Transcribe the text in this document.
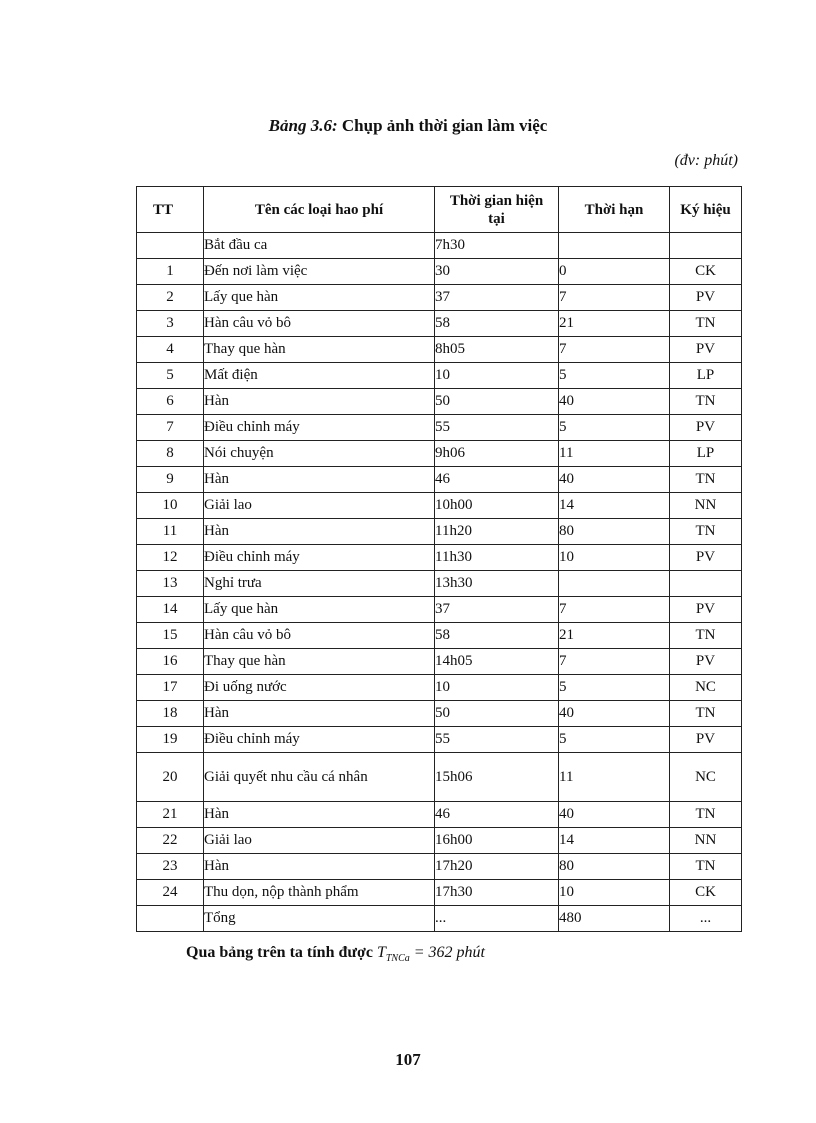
Bảng 3.6: Chụp ảnh thời gian làm việc
(đv: phút)
TT	Tên các loại hao phí	Thời gian hiện tại	Thời hạn	Ký hiệu
	Bắt đầu ca	7h30		
1	Đến nơi làm việc	30	0	CK
2	Lấy que hàn	37	7	PV
3	Hàn câu vỏ bô	58	21	TN
4	Thay que hàn	8h05	7	PV
5	Mất điện	10	5	LP
6	Hàn	50	40	TN
7	Điều chỉnh máy	55	5	PV
8	Nói chuyện	9h06	11	LP
9	Hàn	46	40	TN
10	Giải lao	10h00	14	NN
11	Hàn	11h20	80	TN
12	Điều chỉnh máy	11h30	10	PV
13	Nghỉ trưa	13h30		
14	Lấy que hàn	37	7	PV
15	Hàn câu vỏ bô	58	21	TN
16	Thay que hàn	14h05	7	PV
17	Đi uống nước	10	5	NC
18	Hàn	50	40	TN
19	Điều chỉnh máy	55	5	PV
20	Giải quyết nhu cầu cá nhân	15h06	11	NC
21	Hàn	46	40	TN
22	Giải lao	16h00	14	NN
23	Hàn	17h20	80	TN
24	Thu dọn, nộp thành phẩm	17h30	10	CK
	Tổng	...	480	...
Qua bảng trên ta tính được $T_{TNCa} = 362$ phút
107
